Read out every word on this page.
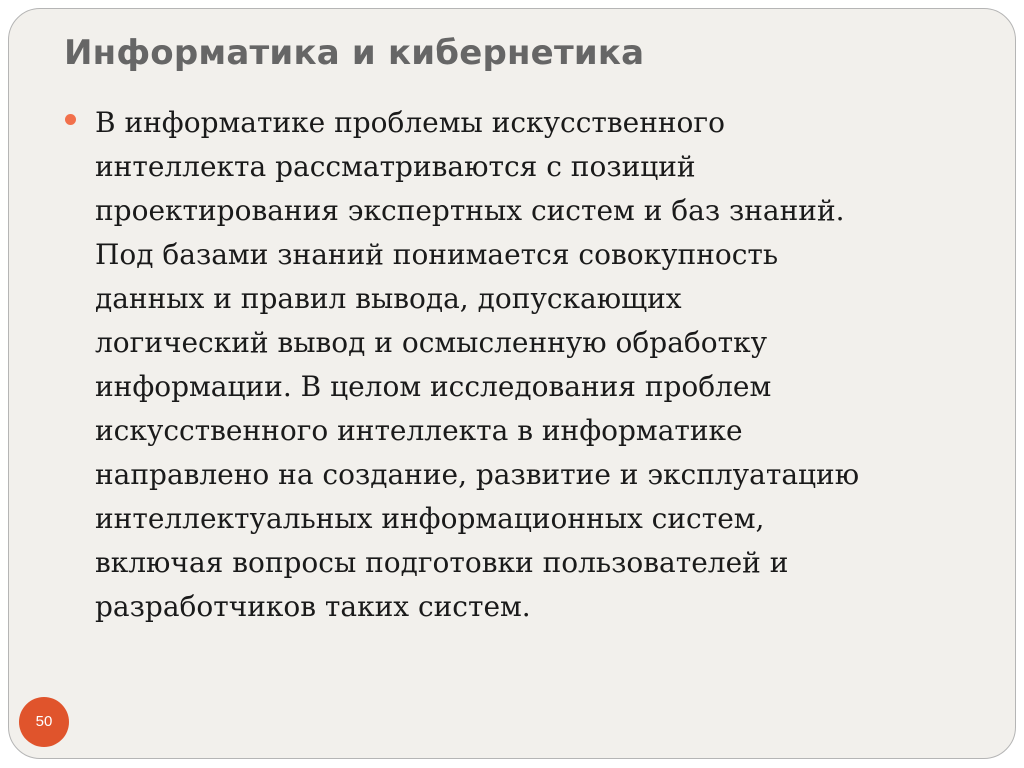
Информатика и кибернетика
В информатике проблемы искусственного
интеллекта рассматриваются с позиций
проектирования экспертных систем и баз знаний.
Под базами знаний понимается совокупность
данных и правил вывода, допускающих
логический вывод и осмысленную обработку
информации. В целом исследования проблем
искусственного интеллекта в информатике
направлено на создание, развитие и эксплуатацию
интеллектуальных информационных систем,
включая вопросы подготовки пользователей и
разработчиков таких систем.
50
